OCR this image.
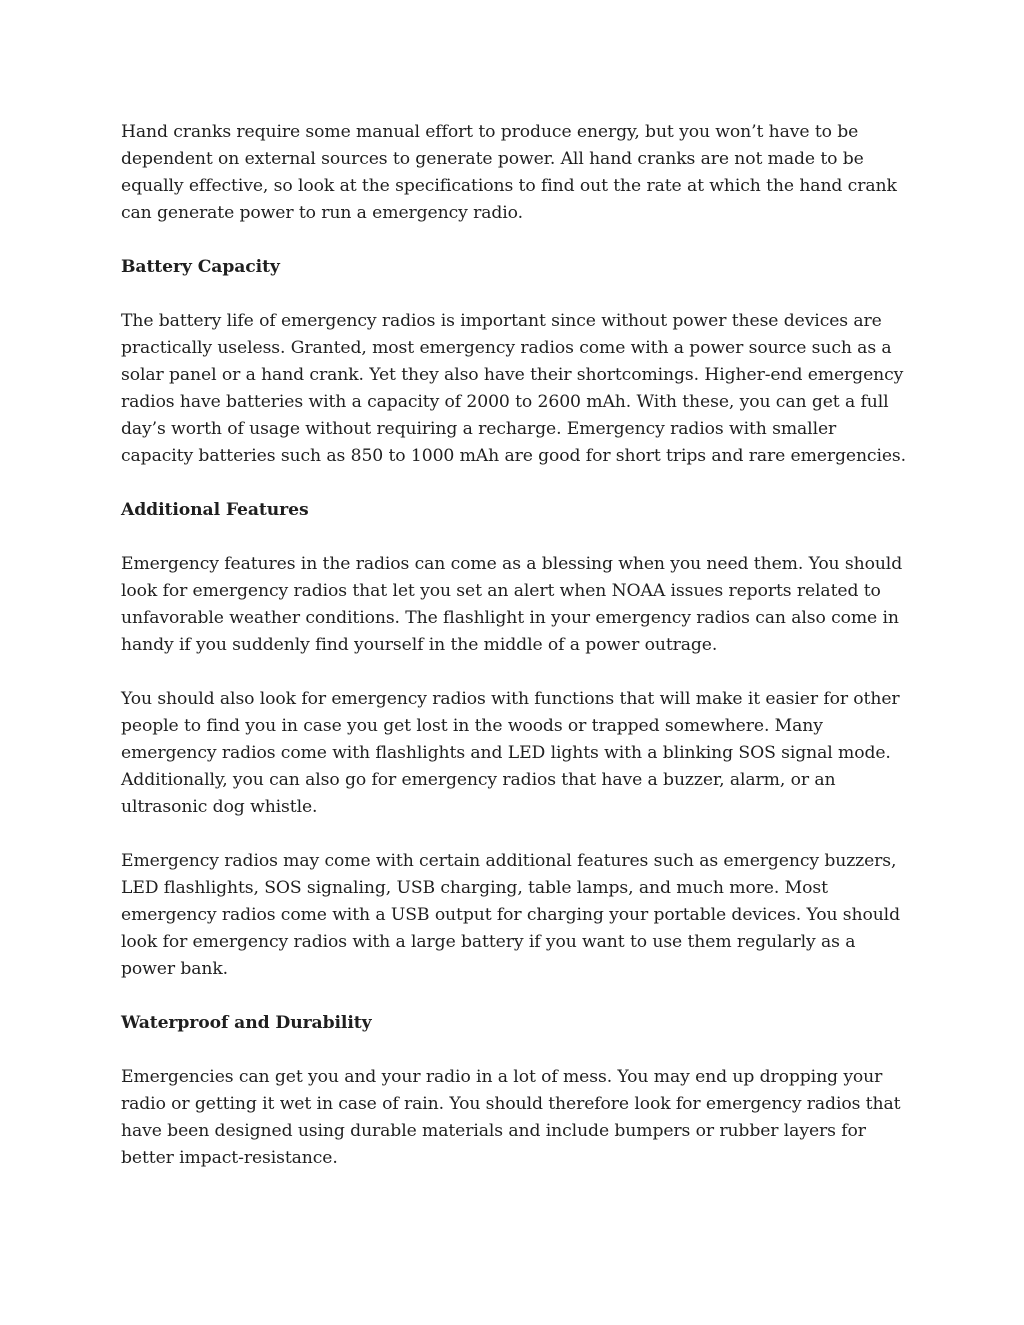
Hand cranks require some manual effort to produce energy, but you won’t have to be dependent on external sources to generate power. All hand cranks are not made to be equally effective, so look at the specifications to find out the rate at which the hand crank can generate power to run a emergency radio.

Battery Capacity

The battery life of emergency radios is important since without power these devices are practically useless. Granted, most emergency radios come with a power source such as a solar panel or a hand crank. Yet they also have their shortcomings. Higher-end emergency radios have batteries with a capacity of 2000 to 2600 mAh. With these, you can get a full day’s worth of usage without requiring a recharge. Emergency radios with smaller capacity batteries such as 850 to 1000 mAh are good for short trips and rare emergencies.

Additional Features

Emergency features in the radios can come as a blessing when you need them. You should look for emergency radios that let you set an alert when NOAA issues reports related to unfavorable weather conditions. The flashlight in your emergency radios can also come in handy if you suddenly find yourself in the middle of a power outrage.

You should also look for emergency radios with functions that will make it easier for other people to find you in case you get lost in the woods or trapped somewhere. Many emergency radios come with flashlights and LED lights with a blinking SOS signal mode. Additionally, you can also go for emergency radios that have a buzzer, alarm, or an ultrasonic dog whistle.

Emergency radios may come with certain additional features such as emergency buzzers, LED flashlights, SOS signaling, USB charging, table lamps, and much more. Most emergency radios come with a USB output for charging your portable devices. You should look for emergency radios with a large battery if you want to use them regularly as a power bank.

Waterproof and Durability

Emergencies can get you and your radio in a lot of mess. You may end up dropping your radio or getting it wet in case of rain. You should therefore look for emergency radios that have been designed using durable materials and include bumpers or rubber layers for better impact-resistance.
